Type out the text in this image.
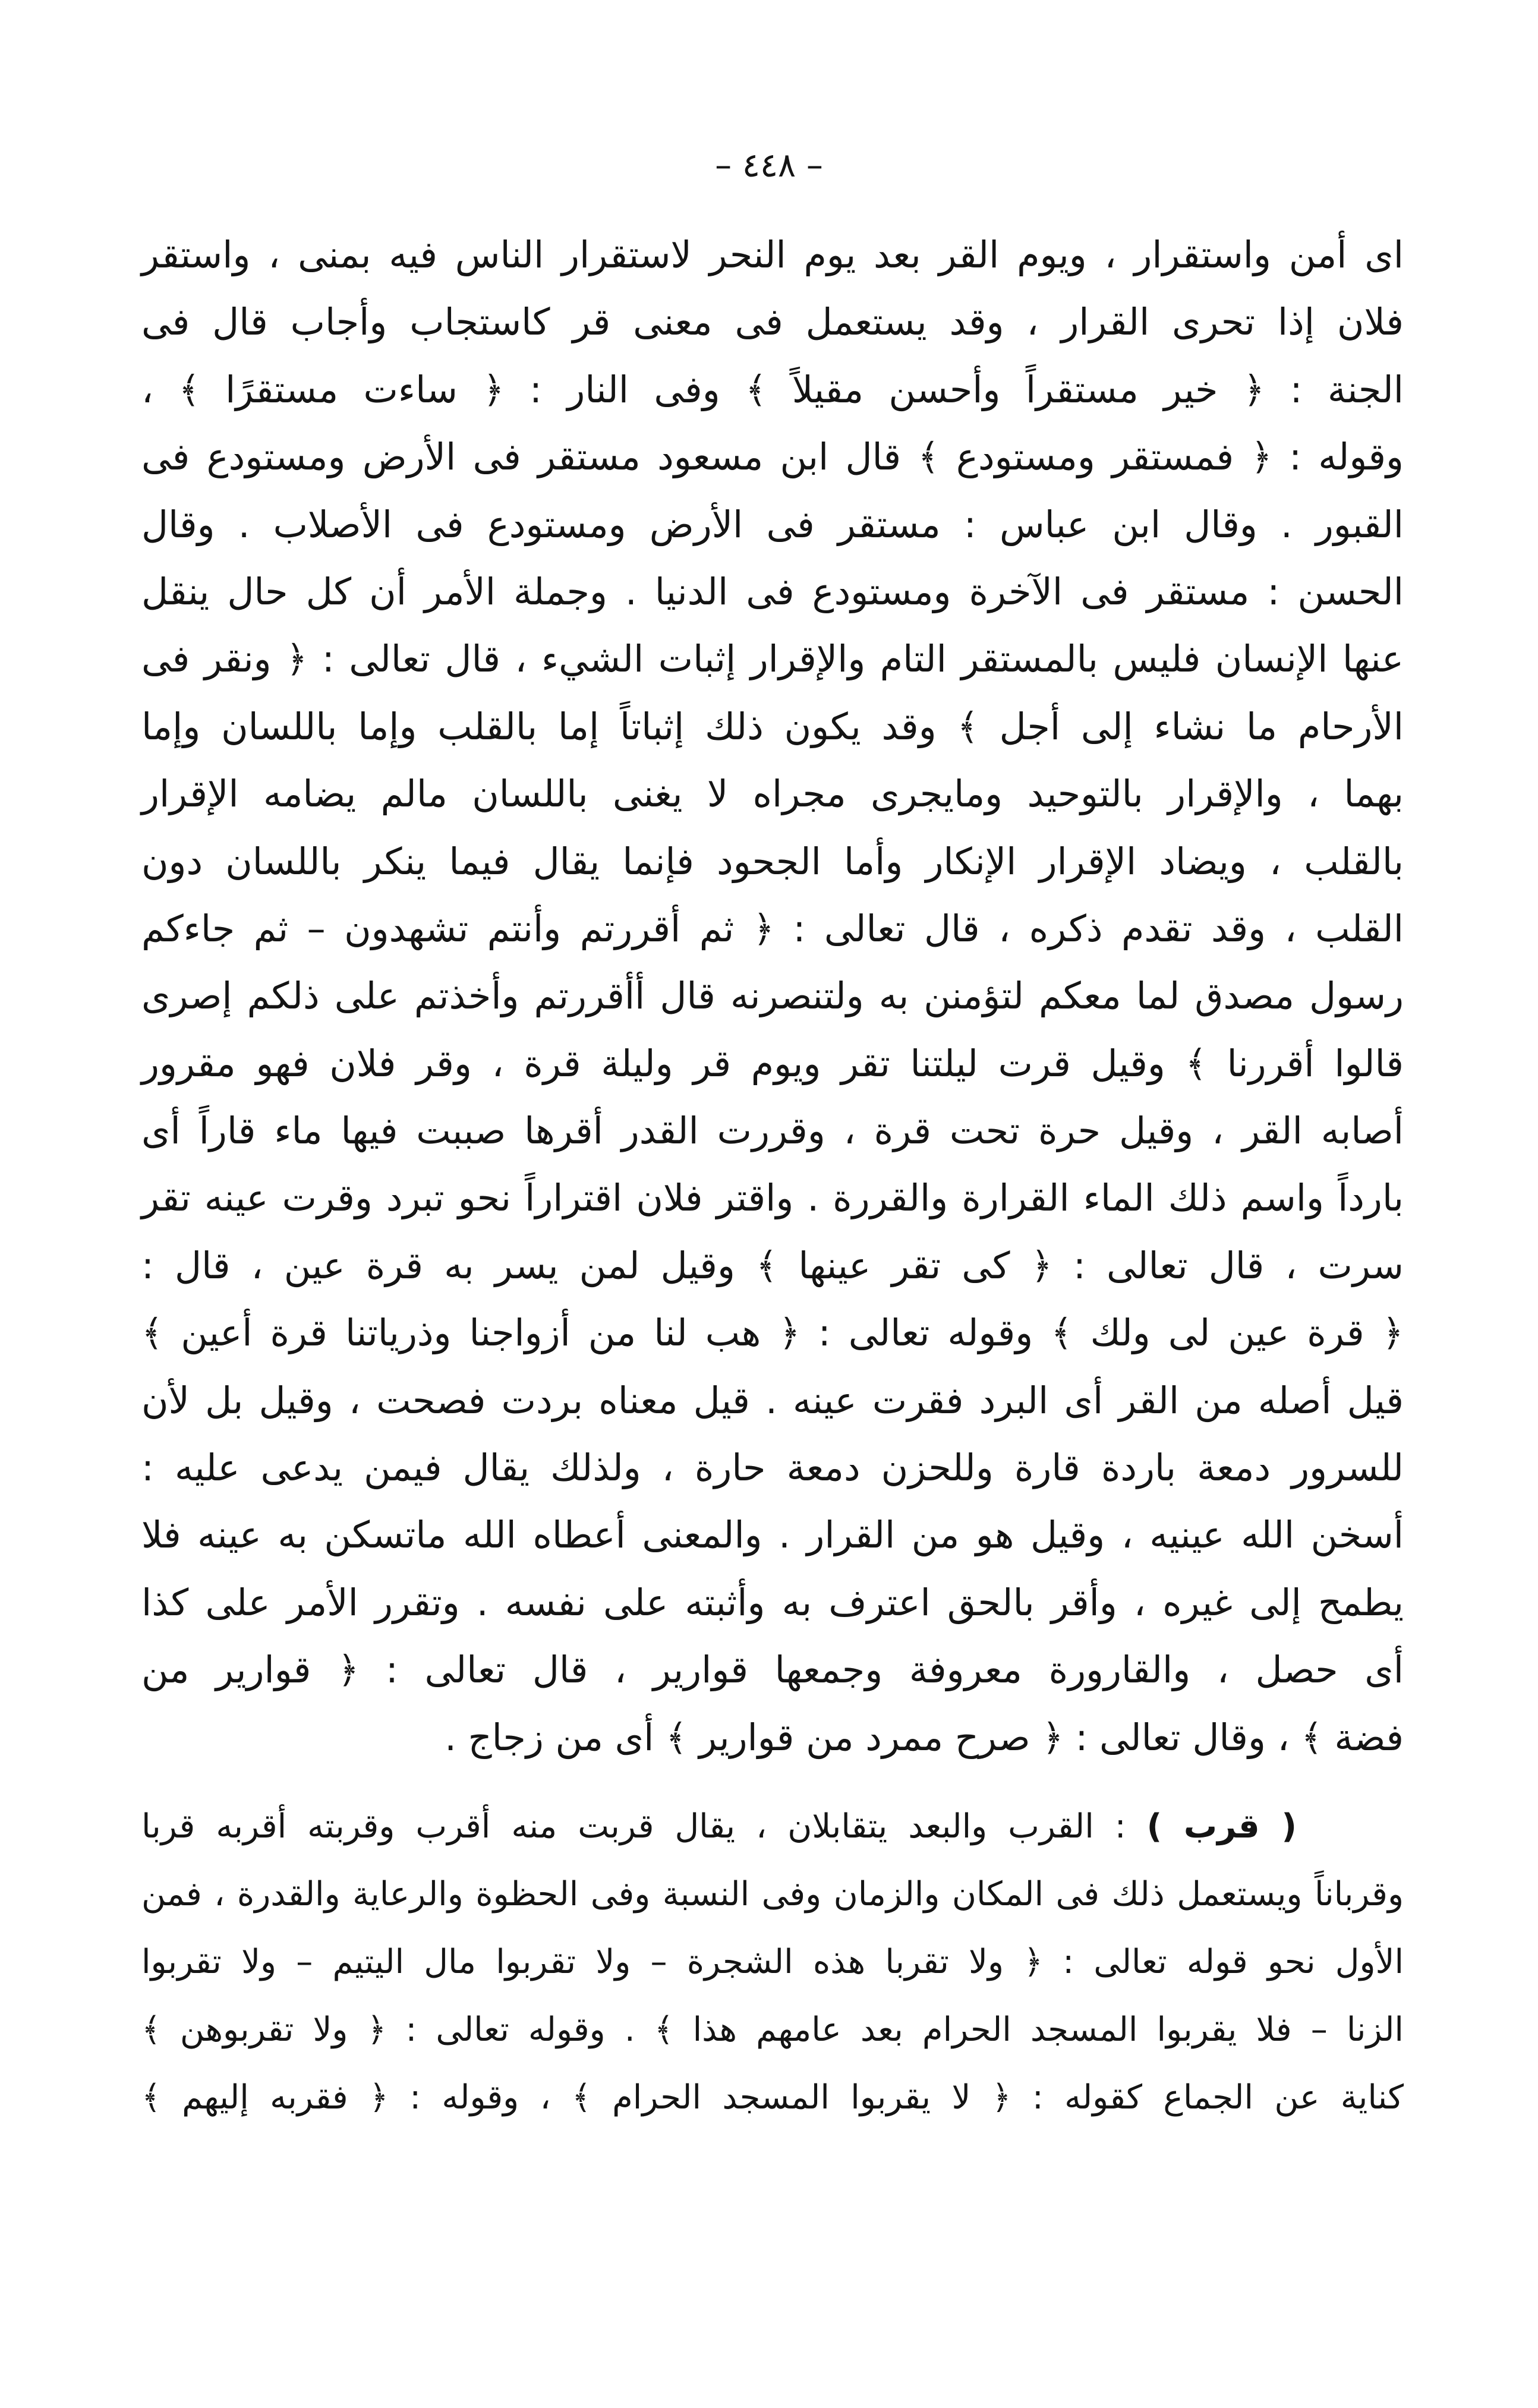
– ٤٤٨ –
اى أمن واستقرار ، ويوم القر بعد يوم النحر لاستقرار الناس فيه بمنى ، واستقر
فلان إذا تحرى القرار ، وقد يستعمل فى معنى قر كاستجاب وأجاب قال فى
الجنة : ﴿ خير مستقراً وأحسن مقيلاً ﴾ وفى النار : ﴿ ساءت مستقرًا ﴾ ،
وقوله : ﴿ فمستقر ومستودع ﴾ قال ابن مسعود مستقر فى الأرض ومستودع فى
القبور . وقال ابن عباس : مستقر فى الأرض ومستودع فى الأصلاب . وقال
الحسن : مستقر فى الآخرة ومستودع فى الدنيا . وجملة الأمر أن كل حال ينقل
عنها الإنسان فليس بالمستقر التام والإقرار إثبات الشيء ، قال تعالى : ﴿ ونقر فى
الأرحام ما نشاء إلى أجل ﴾ وقد يكون ذلك إثباتاً إما بالقلب وإما باللسان وإما
بهما ، والإقرار بالتوحيد ومايجرى مجراه لا يغنى باللسان مالم يضامه الإقرار
بالقلب ، ويضاد الإقرار الإنكار وأما الجحود فإنما يقال فيما ينكر باللسان دون
القلب ، وقد تقدم ذكره ، قال تعالى : ﴿ ثم أقررتم وأنتم تشهدون – ثم جاءكم
رسول مصدق لما معكم لتؤمنن به ولتنصرنه قال أأقررتم وأخذتم على ذلكم إصرى
قالوا أقررنا ﴾ وقيل قرت ليلتنا تقر ويوم قر وليلة قرة ، وقر فلان فهو مقرور
أصابه القر ، وقيل حرة تحت قرة ، وقررت القدر أقرها صببت فيها ماء قاراً أى
بارداً واسم ذلك الماء القرارة والقررة . واقتر فلان اقتراراً نحو تبرد وقرت عينه تقر
سرت ، قال تعالى : ﴿ كى تقر عينها ﴾ وقيل لمن يسر به قرة عين ، قال :
﴿ قرة عين لى ولك ﴾ وقوله تعالى : ﴿ هب لنا من أزواجنا وذرياتنا قرة أعين ﴾
قيل أصله من القر أى البرد فقرت عينه . قيل معناه بردت فصحت ، وقيل بل لأن
للسرور دمعة باردة قارة وللحزن دمعة حارة ، ولذلك يقال فيمن يدعى عليه :
أسخن الله عينيه ، وقيل هو من القرار . والمعنى أعطاه الله ماتسكن به عينه فلا
يطمح إلى غيره ، وأقر بالحق اعترف به وأثبته على نفسه . وتقرر الأمر على كذا
أى حصل ، والقارورة معروفة وجمعها قوارير ، قال تعالى : ﴿ قوارير من
فضة ﴾ ، وقال تعالى : ﴿ صرح ممرد من قوارير ﴾ أى من زجاج .
( قرب ) : القرب والبعد يتقابلان ، يقال قربت منه أقرب وقربته أقربه قربا
وقرباناً ويستعمل ذلك فى المكان والزمان وفى النسبة وفى الحظوة والرعاية والقدرة ، فمن
الأول نحو قوله تعالى : ﴿ ولا تقربا هذه الشجرة – ولا تقربوا مال اليتيم – ولا تقربوا
الزنا – فلا يقربوا المسجد الحرام بعد عامهم هذا ﴾ . وقوله تعالى : ﴿ ولا تقربوهن ﴾
كناية عن الجماع كقوله : ﴿ لا يقربوا المسجد الحرام ﴾ ، وقوله : ﴿ فقربه إليهم ﴾
